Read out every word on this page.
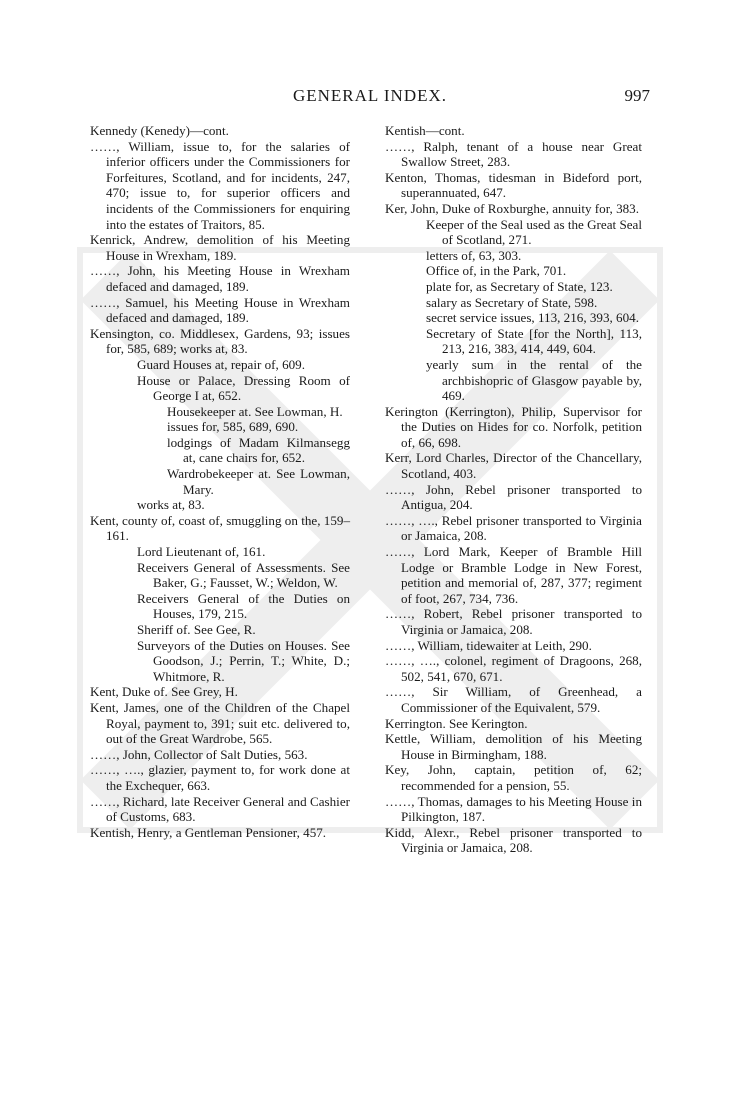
GENERAL INDEX.	997
Kennedy (Kenedy)—cont.
……, William, issue to, for the salaries of inferior officers under the Commissioners for Forfeitures, Scotland, and for incidents, 247, 470; issue to, for superior officers and incidents of the Commissioners for enquiring into the estates of Traitors, 85.
Kenrick, Andrew, demolition of his Meeting House in Wrexham, 189.
……, John, his Meeting House in Wrexham defaced and damaged, 189.
……, Samuel, his Meeting House in Wrexham defaced and damaged, 189.
Kensington, co. Middlesex, Gardens, 93; issues for, 585, 689; works at, 83.
Guard Houses at, repair of, 609.
House or Palace, Dressing Room of George I at, 652.
Housekeeper at. See Lowman, H.
issues for, 585, 689, 690.
lodgings of Madam Kilmansegg at, cane chairs for, 652.
Wardrobekeeper at. See Lowman, Mary.
works at, 83.
Kent, county of, coast of, smuggling on the, 159–161.
Lord Lieutenant of, 161.
Receivers General of Assessments. See Baker, G.; Fausset, W.; Weldon, W.
Receivers General of the Duties on Houses, 179, 215.
Sheriff of. See Gee, R.
Surveyors of the Duties on Houses. See Goodson, J.; Perrin, T.; White, D.; Whitmore, R.
Kent, Duke of. See Grey, H.
Kent, James, one of the Children of the Chapel Royal, payment to, 391; suit etc. delivered to, out of the Great Wardrobe, 565.
……, John, Collector of Salt Duties, 563.
……, …., glazier, payment to, for work done at the Exchequer, 663.
……, Richard, late Receiver General and Cashier of Customs, 683.
Kentish, Henry, a Gentleman Pensioner, 457.
Kentish—cont.
……, Ralph, tenant of a house near Great Swallow Street, 283.
Kenton, Thomas, tidesman in Bideford port, superannuated, 647.
Ker, John, Duke of Roxburghe, annuity for, 383.
Keeper of the Seal used as the Great Seal of Scotland, 271.
letters of, 63, 303.
Office of, in the Park, 701.
plate for, as Secretary of State, 123.
salary as Secretary of State, 598.
secret service issues, 113, 216, 393, 604.
Secretary of State [for the North], 113, 213, 216, 383, 414, 449, 604.
yearly sum in the rental of the archbishopric of Glasgow payable by, 469.
Kerington (Kerrington), Philip, Supervisor for the Duties on Hides for co. Norfolk, petition of, 66, 698.
Kerr, Lord Charles, Director of the Chancellary, Scotland, 403.
……, John, Rebel prisoner transported to Antigua, 204.
……, …., Rebel prisoner transported to Virginia or Jamaica, 208.
……, Lord Mark, Keeper of Bramble Hill Lodge or Bramble Lodge in New Forest, petition and memorial of, 287, 377; regiment of foot, 267, 734, 736.
……, Robert, Rebel prisoner transported to Virginia or Jamaica, 208.
……, William, tidewaiter at Leith, 290.
……, …., colonel, regiment of Dragoons, 268, 502, 541, 670, 671.
……, Sir William, of Greenhead, a Commissioner of the Equivalent, 579.
Kerrington. See Kerington.
Kettle, William, demolition of his Meeting House in Birmingham, 188.
Key, John, captain, petition of, 62; recommended for a pension, 55.
……, Thomas, damages to his Meeting House in Pilkington, 187.
Kidd, Alexr., Rebel prisoner transported to Virginia or Jamaica, 208.
